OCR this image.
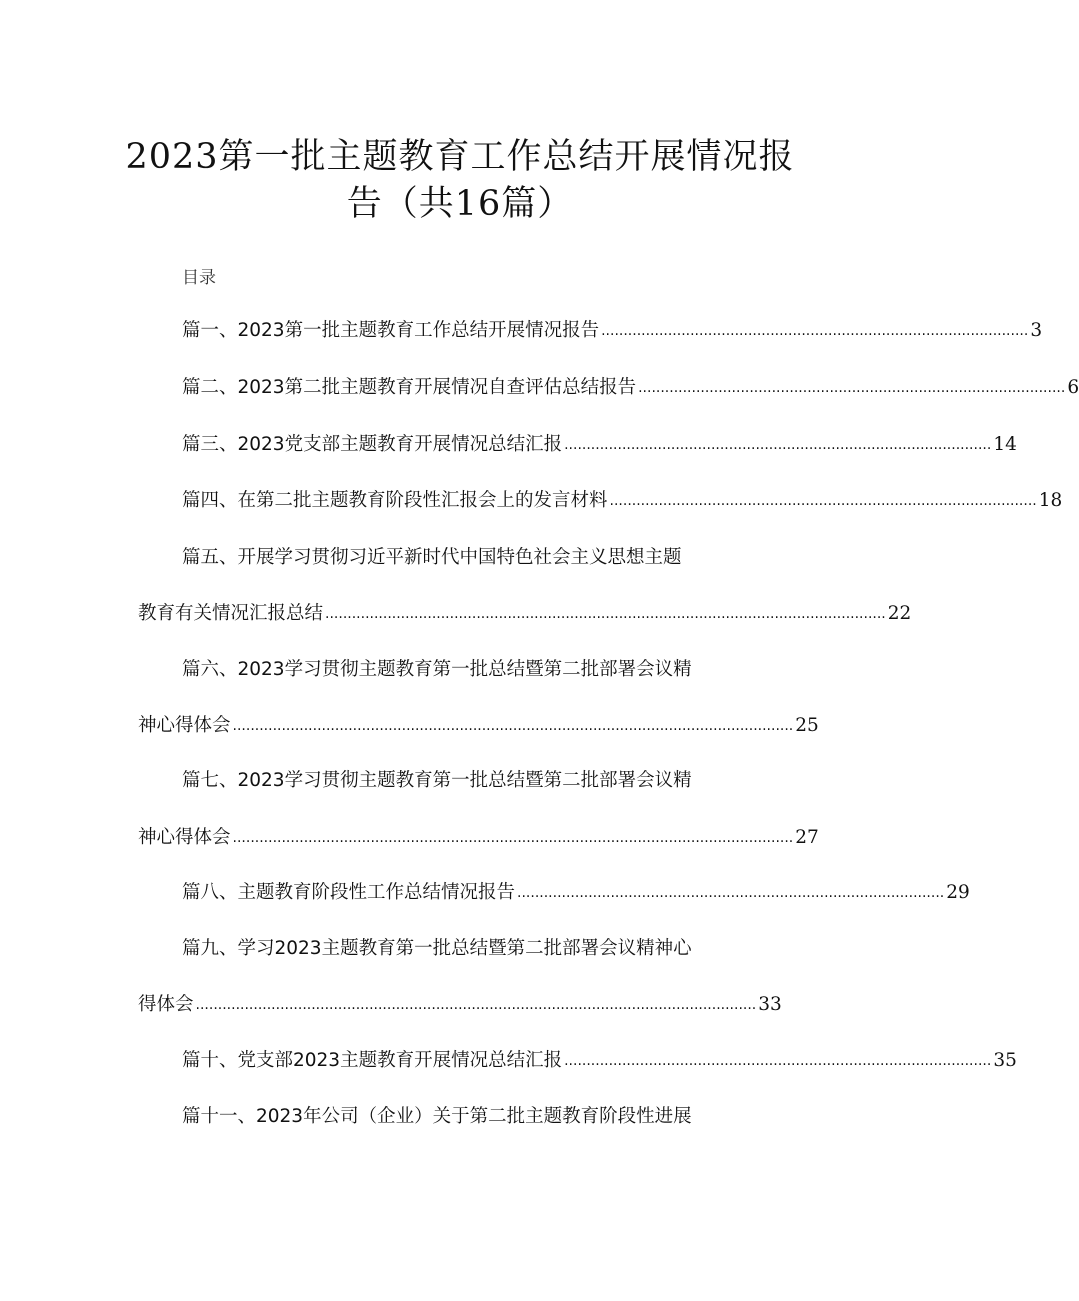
2023第一批主题教育工作总结开展情况报
告（共16篇）
目录
篇一、2023第一批主题教育工作总结开展情况报告 ................................................................................................ 3
篇二、2023第二批主题教育开展情况自查评估总结报告 ................................................................................................ 6
篇三、2023党支部主题教育开展情况总结汇报 ................................................................................................ 14
篇四、在第二批主题教育阶段性汇报会上的发言材料 ................................................................................................ 18
篇五、开展学习贯彻习近平新时代中国特色社会主义思想主题
教育有关情况汇报总结 .............................................................................................................................. 22
篇六、2023学习贯彻主题教育第一批总结暨第二批部署会议精
神心得体会 .............................................................................................................................. 25
篇七、2023学习贯彻主题教育第一批总结暨第二批部署会议精
神心得体会 .............................................................................................................................. 27
篇八、主题教育阶段性工作总结情况报告 ................................................................................................ 29
篇九、学习2023主题教育第一批总结暨第二批部署会议精神心
得体会 .............................................................................................................................. 33
篇十、党支部2023主题教育开展情况总结汇报 ................................................................................................ 35
篇十一、2023年公司（企业）关于第二批主题教育阶段性进展
